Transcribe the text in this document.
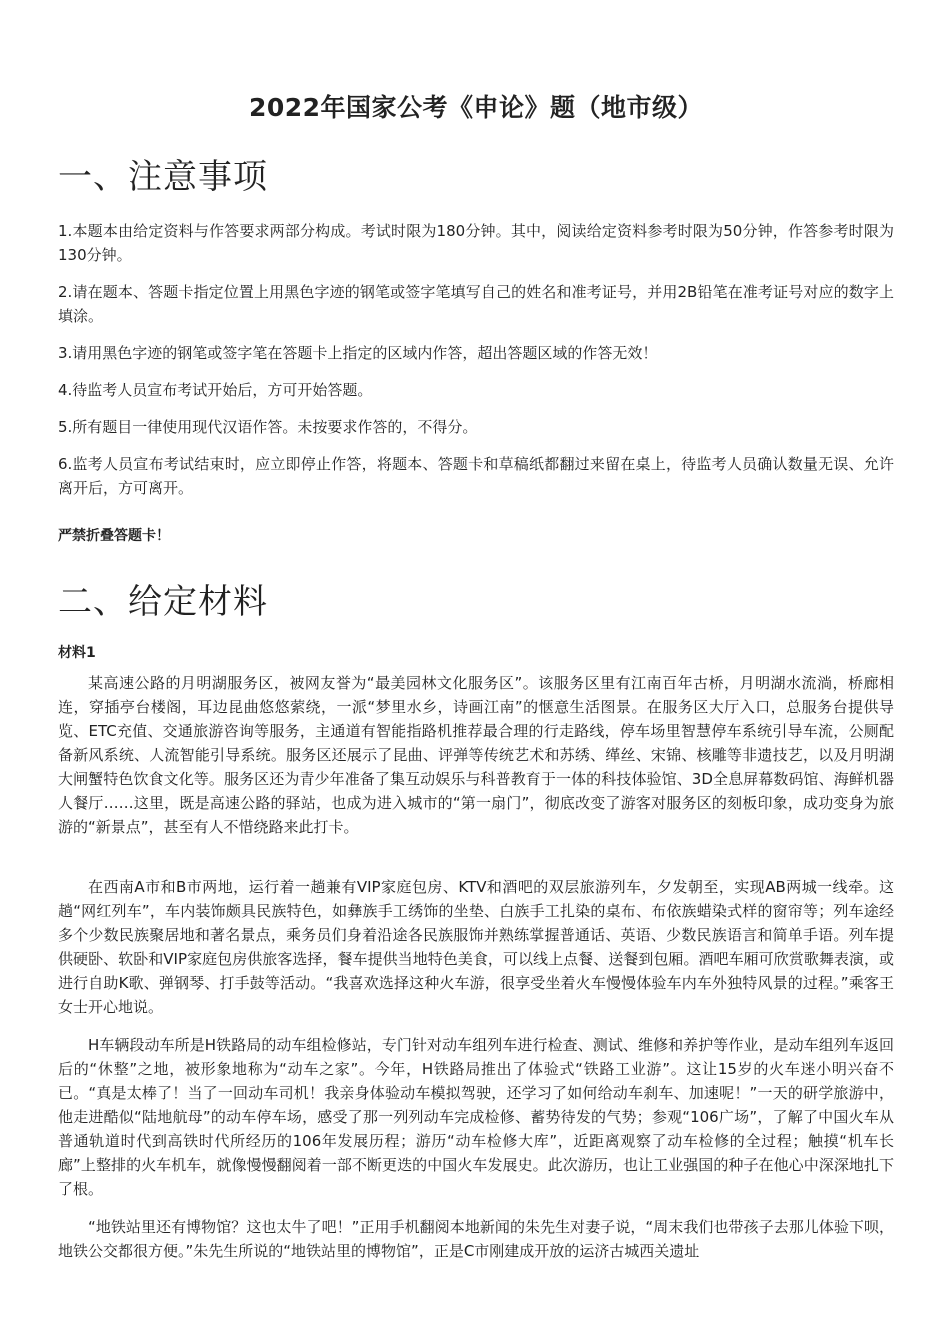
2022年国家公考《申论》题（地市级）
一、注意事项

1.本题本由给定资料与作答要求两部分构成。考试时限为180分钟。其中，阅读给定资料参考时限为50分钟，作答参考时限为130分钟。

2.请在题本、答题卡指定位置上用黑色字迹的钢笔或签字笔填写自己的姓名和准考证号，并用2B铅笔在准考证号对应的数字上填涂。

3.请用黑色字迹的钢笔或签字笔在答题卡上指定的区域内作答，超出答题区域的作答无效！

4.待监考人员宣布考试开始后，方可开始答题。

5.所有题目一律使用现代汉语作答。未按要求作答的，不得分。

6.监考人员宣布考试结束时，应立即停止作答，将题本、答题卡和草稿纸都翻过来留在桌上，待监考人员确认数量无误、允许离开后，方可离开。

严禁折叠答题卡！

二、给定材料

材料1

某高速公路的月明湖服务区，被网友誉为“最美园林文化服务区”。该服务区里有江南百年古桥，月明湖水流淌，桥廊相连，穿插亭台楼阁，耳边昆曲悠悠萦绕，一派“梦里水乡，诗画江南”的惬意生活图景。在服务区大厅入口，总服务台提供导览、ETC充值、交通旅游咨询等服务，主通道有智能指路机推荐最合理的行走路线，停车场里智慧停车系统引导车流，公厕配备新风系统、人流智能引导系统。服务区还展示了昆曲、评弹等传统艺术和苏绣、缂丝、宋锦、核雕等非遗技艺，以及月明湖大闸蟹特色饮食文化等。服务区还为青少年准备了集互动娱乐与科普教育于一体的科技体验馆、3D全息屏幕数码馆、海鲜机器人餐厅……这里，既是高速公路的驿站，也成为进入城市的“第一扇门”，彻底改变了游客对服务区的刻板印象，成功变身为旅游的“新景点”，甚至有人不惜绕路来此打卡。

在西南A市和B市两地，运行着一趟兼有VIP家庭包房、KTV和酒吧的双层旅游列车，夕发朝至，实现AB两城一线牵。这趟“网红列车”，车内装饰颇具民族特色，如彝族手工绣饰的坐垫、白族手工扎染的桌布、布依族蜡染式样的窗帘等；列车途经多个少数民族聚居地和著名景点，乘务员们身着沿途各民族服饰并熟练掌握普通话、英语、少数民族语言和简单手语。列车提供硬卧、软卧和VIP家庭包房供旅客选择，餐车提供当地特色美食，可以线上点餐、送餐到包厢。酒吧车厢可欣赏歌舞表演，或进行自助K歌、弹钢琴、打手鼓等活动。“我喜欢选择这种火车游，很享受坐着火车慢慢体验车内车外独特风景的过程。”乘客王女士开心地说。

H车辆段动车所是H铁路局的动车组检修站，专门针对动车组列车进行检查、测试、维修和养护等作业，是动车组列车返回后的“休整”之地，被形象地称为“动车之家”。今年，H铁路局推出了体验式“铁路工业游”。这让15岁的火车迷小明兴奋不已。“真是太棒了！当了一回动车司机！我亲身体验动车模拟驾驶，还学习了如何给动车刹车、加速呢！”一天的研学旅游中，他走进酷似“陆地航母”的动车停车场，感受了那一列列动车完成检修、蓄势待发的气势；参观“106广场”，了解了中国火车从普通轨道时代到高铁时代所经历的106年发展历程；游历“动车检修大库”，近距离观察了动车检修的全过程；触摸“机车长廊”上整排的火车机车，就像慢慢翻阅着一部不断更迭的中国火车发展史。此次游历，也让工业强国的种子在他心中深深地扎下了根。

“地铁站里还有博物馆？这也太牛了吧！”正用手机翻阅本地新闻的朱先生对妻子说，“周末我们也带孩子去那儿体验下呗，地铁公交都很方便。”朱先生所说的“地铁站里的博物馆”，正是C市刚建成开放的运济古城西关遗址
